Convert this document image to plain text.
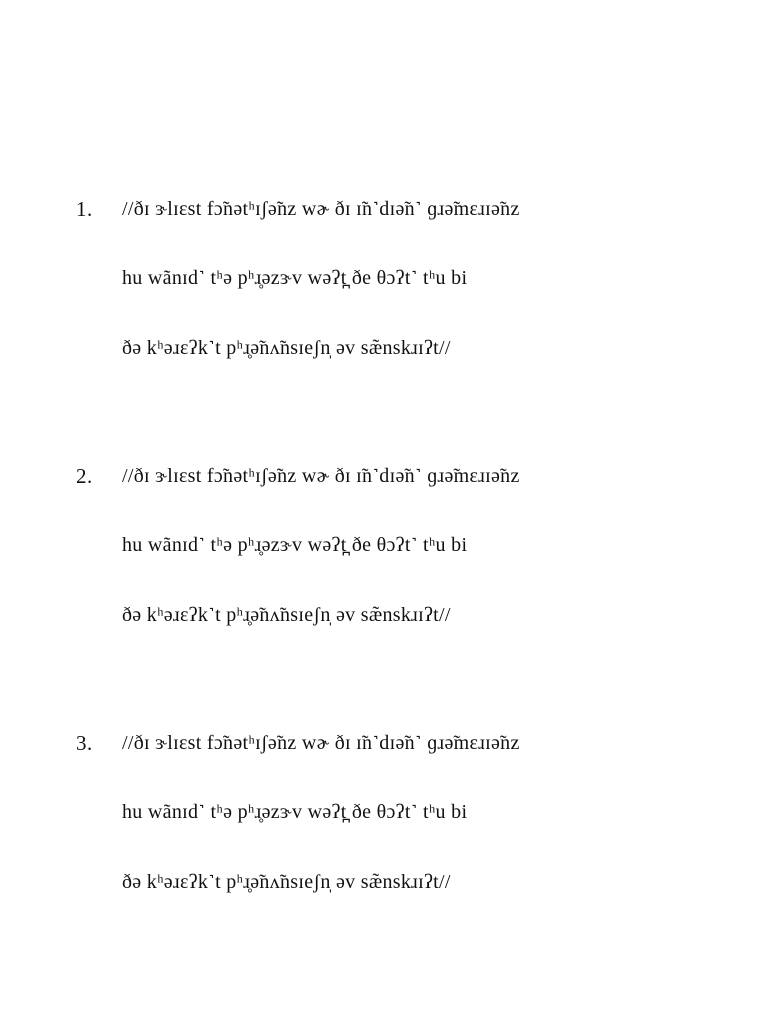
1. //ðɪ ɝlɪɛst fɔ̃nətʰɪʃə̃nz wɚ ðɪ ɪ̃n˺dɪə̃n˺ ɡɹə̃mɛɹɪə̃nz
hu wãnɪd˺ tʰə pʰɹ̥əzɝv wəʔt̪ ðe θɔʔt˺ tʰu bi
ðə kʰəɹɛʔk˺t pʰɹ̥ə̃nʌ̃nsɪeʃn̩ əv sæ̃nskɹɪʔt//
2. //ðɪ ɝlɪɛst fɔ̃nətʰɪʃə̃nz wɚ ðɪ ɪ̃n˺dɪə̃n˺ ɡɹə̃mɛɹɪə̃nz
hu wãnɪd˺ tʰə pʰɹ̥əzɝv wəʔt̪ ðe θɔʔt˺ tʰu bi
ðə kʰəɹɛʔk˺t pʰɹ̥ə̃nʌ̃nsɪeʃn̩ əv sæ̃nskɹɪʔt//
3. //ðɪ ɝlɪɛst fɔ̃nətʰɪʃə̃nz wɚ ðɪ ɪ̃n˺dɪə̃n˺ ɡɹə̃mɛɹɪə̃nz
hu wãnɪd˺ tʰə pʰɹ̥əzɝv wəʔt̪ ðe θɔʔt˺ tʰu bi
ðə kʰəɹɛʔk˺t pʰɹ̥ə̃nʌ̃nsɪeʃn̩ əv sæ̃nskɹɪʔt//
